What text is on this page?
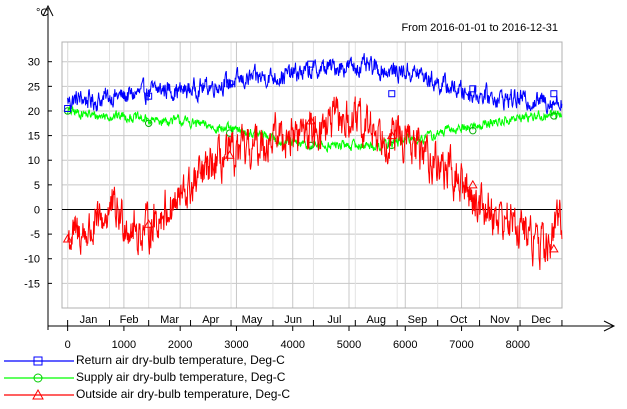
°C
From 2016-01-01 to 2016-12-31
-15
-10
-5
0
5
10
15
20
25
30
0	1000	2000	3000	4000	5000	6000	7000	8000
Jan Feb Mar Apr May Jun Jul Aug Sep Oct Nov Dec
Return air dry-bulb temperature, Deg-C
Supply air dry-bulb temperature, Deg-C
Outside air dry-bulb temperature, Deg-C
